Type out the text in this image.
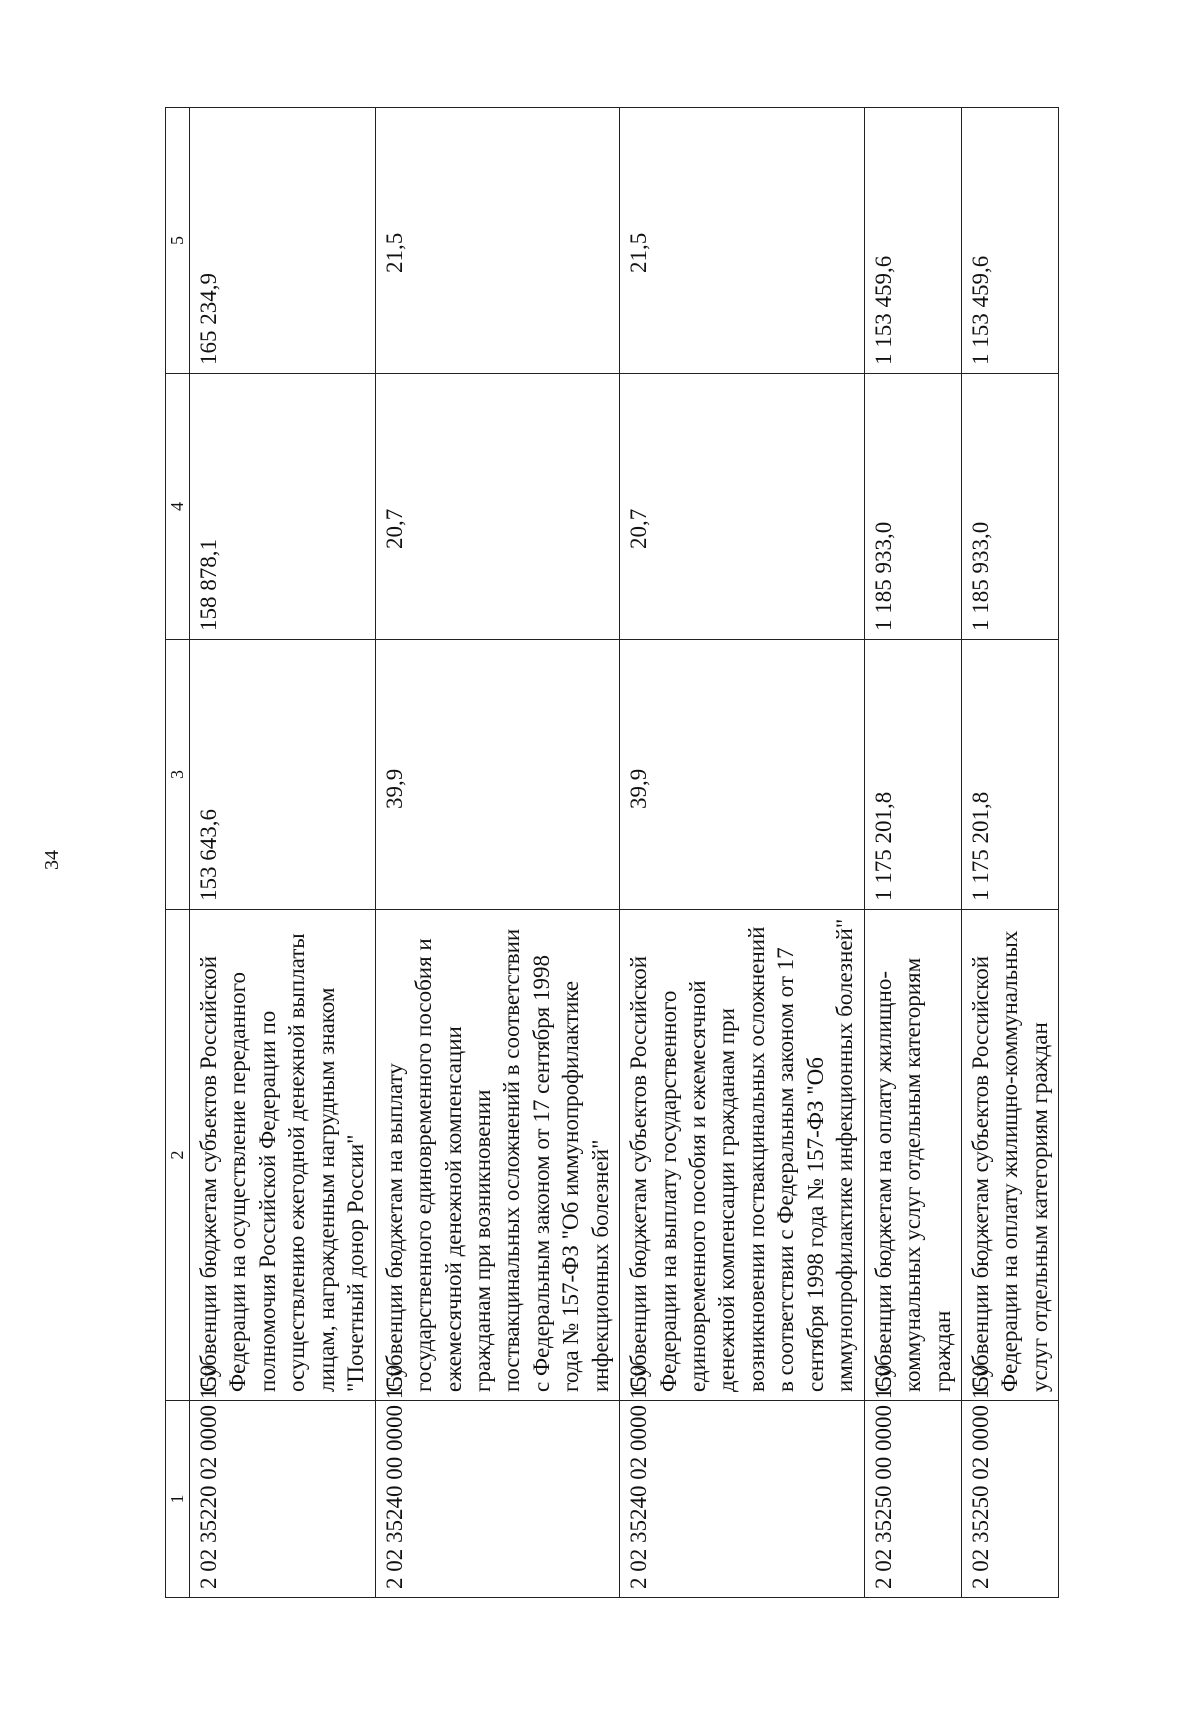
34
1	2	3	4	5
2 02 35220 02 0000 150	Субвенции бюджетам субъектов Российской Федерации на осуществление переданного полномочия Российской Федерации по осуществлению ежегодной денежной выплаты лицам, награжденным нагрудным знаком "Почетный донор России"	153 643,6	158 878,1	165 234,9
2 02 35240 00 0000 150	Субвенции бюджетам на выплату государственного единовременного пособия и ежемесячной денежной компенсации гражданам при возникновении поствакцинальных осложнений в соответствии с Федеральным законом от 17 сентября 1998 года № 157-ФЗ "Об иммунопрофилактике инфекционных болезней"	39,9	20,7	21,5
2 02 35240 02 0000 150	Субвенции бюджетам субъектов Российской Федерации на выплату государственного единовременного пособия и ежемесячной денежной компенсации гражданам при возникновении поствакцинальных осложнений в соответствии с Федеральным законом от 17 сентября 1998 года № 157-ФЗ "Об иммунопрофилактике инфекционных болезней"	39,9	20,7	21,5
2 02 35250 00 0000 150	Субвенции бюджетам на оплату жилищно-коммунальных услуг отдельным категориям граждан	1 175 201,8	1 185 933,0	1 153 459,6
2 02 35250 02 0000 150	Субвенции бюджетам субъектов Российской Федерации на оплату жилищно-коммунальных услуг отдельным категориям граждан	1 175 201,8	1 185 933,0	1 153 459,6
